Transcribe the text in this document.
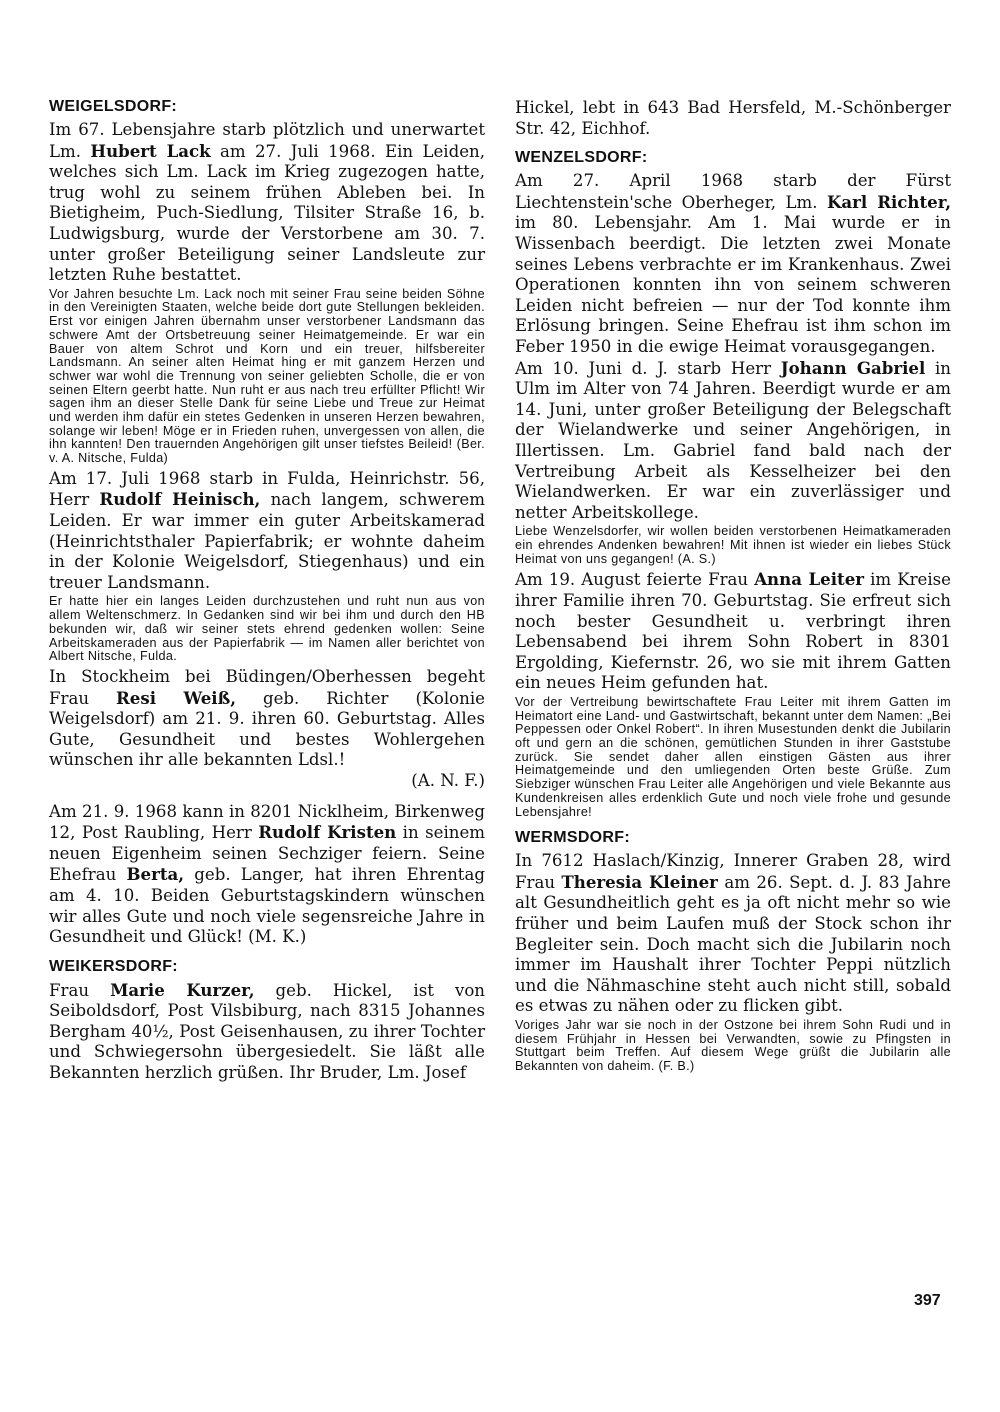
WEIGELSDORF:

Im 67. Lebensjahre starb plötzlich und unerwartet Lm. Hubert Lack am 27. Juli 1968. Ein Leiden, welches sich Lm. Lack im Krieg zugezogen hatte, trug wohl zu seinem frühen Ableben bei. In Bietigheim, Puch-Siedlung, Tilsiter Straße 16, b. Ludwigsburg, wurde der Verstorbene am 30. 7. unter großer Beteiligung seiner Landsleute zur letzten Ruhe bestattet.

Vor Jahren besuchte Lm. Lack noch mit seiner Frau seine beiden Söhne in den Vereinigten Staaten, welche beide dort gute Stellungen bekleiden. Erst vor einigen Jahren übernahm unser verstorbener Landsmann das schwere Amt der Ortsbetreuung seiner Heimatgemeinde. Er war ein Bauer von altem Schrot und Korn und ein treuer, hilfsbereiter Landsmann. An seiner alten Heimat hing er mit ganzem Herzen und schwer war wohl die Trennung von seiner geliebten Scholle, die er von seinen Eltern geerbt hatte. Nun ruht er aus nach treu erfüllter Pflicht! Wir sagen ihm an dieser Stelle Dank für seine Liebe und Treue zur Heimat und werden ihm dafür ein stetes Gedenken in unseren Herzen bewahren, solange wir leben! Möge er in Frieden ruhen, unvergessen von allen, die ihn kannten! Den trauernden Angehörigen gilt unser tiefstes Beileid! (Ber. v. A. Nitsche, Fulda)

Am 17. Juli 1968 starb in Fulda, Heinrichstr. 56, Herr Rudolf Heinisch, nach langem, schwerem Leiden. Er war immer ein guter Arbeitskamerad (Heinrichtsthaler Papierfabrik; er wohnte daheim in der Kolonie Weigelsdorf, Stiegenhaus) und ein treuer Landsmann.

Er hatte hier ein langes Leiden durchzustehen und ruht nun aus von allem Weltenschmerz. In Gedanken sind wir bei ihm und durch den HB bekunden wir, daß wir seiner stets ehrend gedenken wollen: Seine Arbeitskameraden aus der Papierfabrik — im Namen aller berichtet von Albert Nitsche, Fulda.

In Stockheim bei Büdingen/Oberhessen begeht Frau Resi Weiß, geb. Richter (Kolonie Weigelsdorf) am 21. 9. ihren 60. Geburtstag. Alles Gute, Gesundheit und bestes Wohlergehen wünschen ihr alle bekannten Ldsl.!

(A. N. F.)

Am 21. 9. 1968 kann in 8201 Nicklheim, Birkenweg 12, Post Raubling, Herr Rudolf Kristen in seinem neuen Eigenheim seinen Sechziger feiern. Seine Ehefrau Berta, geb. Langer, hat ihren Ehrentag am 4. 10. Beiden Geburtstagskindern wünschen wir alles Gute und noch viele segensreiche Jahre in Gesundheit und Glück! (M. K.)

WEIKERSDORF:

Frau Marie Kurzer, geb. Hickel, ist von Seiboldsdorf, Post Vilsbiburg, nach 8315 Johannes Bergham 40½, Post Geisenhausen, zu ihrer Tochter und Schwiegersohn übergesiedelt. Sie läßt alle Bekannten herzlich grüßen. Ihr Bruder, Lm. Josef

Hickel, lebt in 643 Bad Hersfeld, M.-Schönberger Str. 42, Eichhof.

WENZELSDORF:

Am 27. April 1968 starb der Fürst Liechtenstein'sche Oberheger, Lm. Karl Richter, im 80. Lebensjahr. Am 1. Mai wurde er in Wissenbach beerdigt. Die letzten zwei Monate seines Lebens verbrachte er im Krankenhaus. Zwei Operationen konnten ihn von seinem schweren Leiden nicht befreien — nur der Tod konnte ihm Erlösung bringen. Seine Ehefrau ist ihm schon im Feber 1950 in die ewige Heimat vorausgegangen.

Am 10. Juni d. J. starb Herr Johann Gabriel in Ulm im Alter von 74 Jahren. Beerdigt wurde er am 14. Juni, unter großer Beteiligung der Belegschaft der Wielandwerke und seiner Angehörigen, in Illertissen. Lm. Gabriel fand bald nach der Vertreibung Arbeit als Kesselheizer bei den Wielandwerken. Er war ein zuverlässiger und netter Arbeitskollege.

Liebe Wenzelsdorfer, wir wollen beiden verstorbenen Heimatkameraden ein ehrendes Andenken bewahren! Mit ihnen ist wieder ein liebes Stück Heimat von uns gegangen! (A. S.)

Am 19. August feierte Frau Anna Leiter im Kreise ihrer Familie ihren 70. Geburtstag. Sie erfreut sich noch bester Gesundheit u. verbringt ihren Lebensabend bei ihrem Sohn Robert in 8301 Ergolding, Kiefernstr. 26, wo sie mit ihrem Gatten ein neues Heim gefunden hat.

Vor der Vertreibung bewirtschaftete Frau Leiter mit ihrem Gatten im Heimatort eine Land- und Gastwirtschaft, bekannt unter dem Namen: „Bei Peppessen oder Onkel Robert“. In ihren Musestunden denkt die Jubilarin oft und gern an die schönen, gemütlichen Stunden in ihrer Gaststube zurück. Sie sendet daher allen einstigen Gästen aus ihrer Heimatgemeinde und den umliegenden Orten beste Grüße. Zum Siebziger wünschen Frau Leiter alle Angehörigen und viele Bekannte aus Kundenkreisen alles erdenklich Gute und noch viele frohe und gesunde Lebensjahre!

WERMSDORF:

In 7612 Haslach/Kinzig, Innerer Graben 28, wird Frau Theresia Kleiner am 26. Sept. d. J. 83 Jahre alt Gesundheitlich geht es ja oft nicht mehr so wie früher und beim Laufen muß der Stock schon ihr Begleiter sein. Doch macht sich die Jubilarin noch immer im Haushalt ihrer Tochter Peppi nützlich und die Nähmaschine steht auch nicht still, sobald es etwas zu nähen oder zu flicken gibt.

Voriges Jahr war sie noch in der Ostzone bei ihrem Sohn Rudi und in diesem Frühjahr in Hessen bei Verwandten, sowie zu Pfingsten in Stuttgart beim Treffen. Auf diesem Wege grüßt die Jubilarin alle Bekannten von daheim. (F. B.)

397
